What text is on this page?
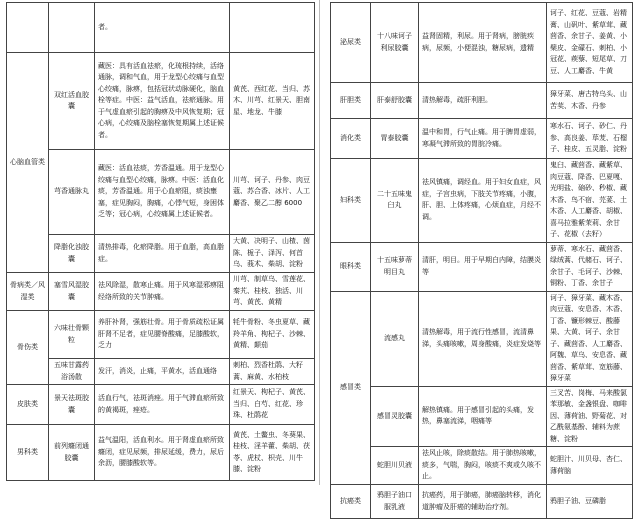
		者。	
心脑血管类	双红活血胶囊	藏医：具有活血祛瘀，化琉根持续，活络通脉，调和气血，用于龙型心绞痛与血型心绞痛，脉痹，包括冠状动脉硬化，脑血栓等症。中医：益气活血，祛瘀通脉。用于气虚血瘀引起的胸痹及中风恢复期；冠心病，心绞痛及脑栓塞恢复期属上述证候者。	黄芪、西红花、当归、苏木、川芎、红景天、胆南星、地龙、牛膝
	芎香通脉丸	藏医：活血祛痰，芳香温通。用于龙型心绞痛与血型心绞痛，脉痹。中医：活血化痰，芳香温通。用于心血瘀阻，痰浊壅塞，症见胸闷，胸痛，心悸气短，身困体乏等；冠心病，心绞痛属上述证候者。	川芎、诃子、丹参、肉豆蔻、苏合香、冰片、人工麝香、聚乙二醇 6000
	降脂化浊胶囊	清热排毒，化瘀降脂。用于血脂，高血脂症。	大黄、决明子、山楂、茵陈、栀子、泽泻、何首乌、莪术、柴胡、淀粉
骨病类／风湿类	塞雪风湿胶囊	祛风除湿，散寒止痛。用于风寒湿邪痹阻经络所致的关节肿痛。	川芎、制草乌、雪莲花、秦艽、桂枝、独活、川芎、黄芪、黄精
骨伤类	六味壮骨颗粒	养肝补肾，强筋壮骨。用于骨质疏松证属肝肾不足者，症见腰脊酸痛，足膝酸软，乏力	牦牛骨粉、冬虫夏草、藏羚羊角、枸杞子、沙棘、黄精、颠茄
	五味甘露药浴汤散	发汗，消炎，止痛，平黄水，活血通络	刺柏、烈香杜鹃、大籽蒿、麻黄、水柏枝
皮肤类	景天祛斑胶囊	活血行气，祛斑消痤。用于气滞血瘀所致的黄褐斑，痤疮。	红景天、枸杞子、黄芪、当归、白芍、红花、珍珠、杜鹃花
男科类	前列癃闭通胶囊	益气温阳，活血利水。用于肾虚血瘀所致癃闭，症见尿频，排尿延缓，费力，尿后余沥，腰膝酸软等。	黄芪、土鳖虫、冬葵果、桂枝、淫羊藿、柴胡、茯苓、虎杖、枳壳、川牛膝、淀粉
泌尿类	十八味诃子利尿胶囊	益肾固精，利尿。用于肾病，膀胱疾病，尿频，小便混浊，糖尿病，遗精	诃子、红花、豆蔻、岩精膏、山矾叶、紫草茸、藏茴香、余甘子、姜黄、小檗皮、金礞石、刺柏、小冠花、蒺藜、短尾草、刀豆、人工麝香、牛黄
肝胆类	肝泰舒胶囊	清热解毒，疏肝利胆。	獐牙菜、唐古特乌头、山苦荬、木香、丹参
消化类	胃泰胶囊	温中和胃，行气止痛。用于脾胃虚弱，寒凝气滞所致的胃脘冷痛。	寒水石、诃子、砂仁、丹参、高良姜、荜茇、石榴子、桂皮、五灵脂、淀粉
妇科类	二十五味鬼臼丸	祛风镇痛，调经血。用于妇女血症，风症，子宫虫病，下肢关节疼痛，小腹，肝、胆、上体疼痛，心烦血症，月经不调。	鬼臼、藏茴香、藏紫草、肉豆蔻、降香、巴夏嘎、光明盐、硇砂、秒椒、藏木香、鸟不宿、芫荽、土木香、人工麝香、胡椒、喜马拉雅紫茉莉、余甘子、花椒（去籽）
眼科类	十五味萝蒂明目丸	清肝，明目。用于早期白内障，结膜炎等	萝蒂、寒水石、藏茴香、绿绒蒿、代赭石、诃子、余甘子、毛诃子、沙棘、铜粉、丁香、余甘子
感冒类	流感丸	清热解毒，用于流行性感冒，流清鼻涕，头痛咳嗽，周身酸痛，炎症发烧等	诃子、獐牙菜、藏木香、肉豆蔻、安息香、木香、丁香、镰形棘豆、酸藤果、大黄、诃子、余甘子、藏茴香、人工麝香、阿魏、草乌、安息香、藏茴香、紫草茸、宽筋藤、獐牙菜
	感冒灵胶囊	解热镇痛。用于感冒引起的头痛，发热，鼻塞流涕，咽痛等	三叉苦、岗梅、马来酸氯苯那敏、金盏银盘、咖啡因、薄荷油、野菊花、对乙酰氨基酚、辅料为蔗糖、淀粉
	蛇胆川贝液	祛风止咳，除痰散结。用于肺热咳嗽，痰多，气喘，胸闷，咳痰不爽或久咳不止。	蛇胆汁、川贝母、杏仁、薄荷脑
抗癌类	鸦胆子油口服乳液	抗癌药，用于肺癌，肺癌脑转移，消化道肿瘤及肝癌的辅助治疗剂。	鸦胆子油、豆磷脂
